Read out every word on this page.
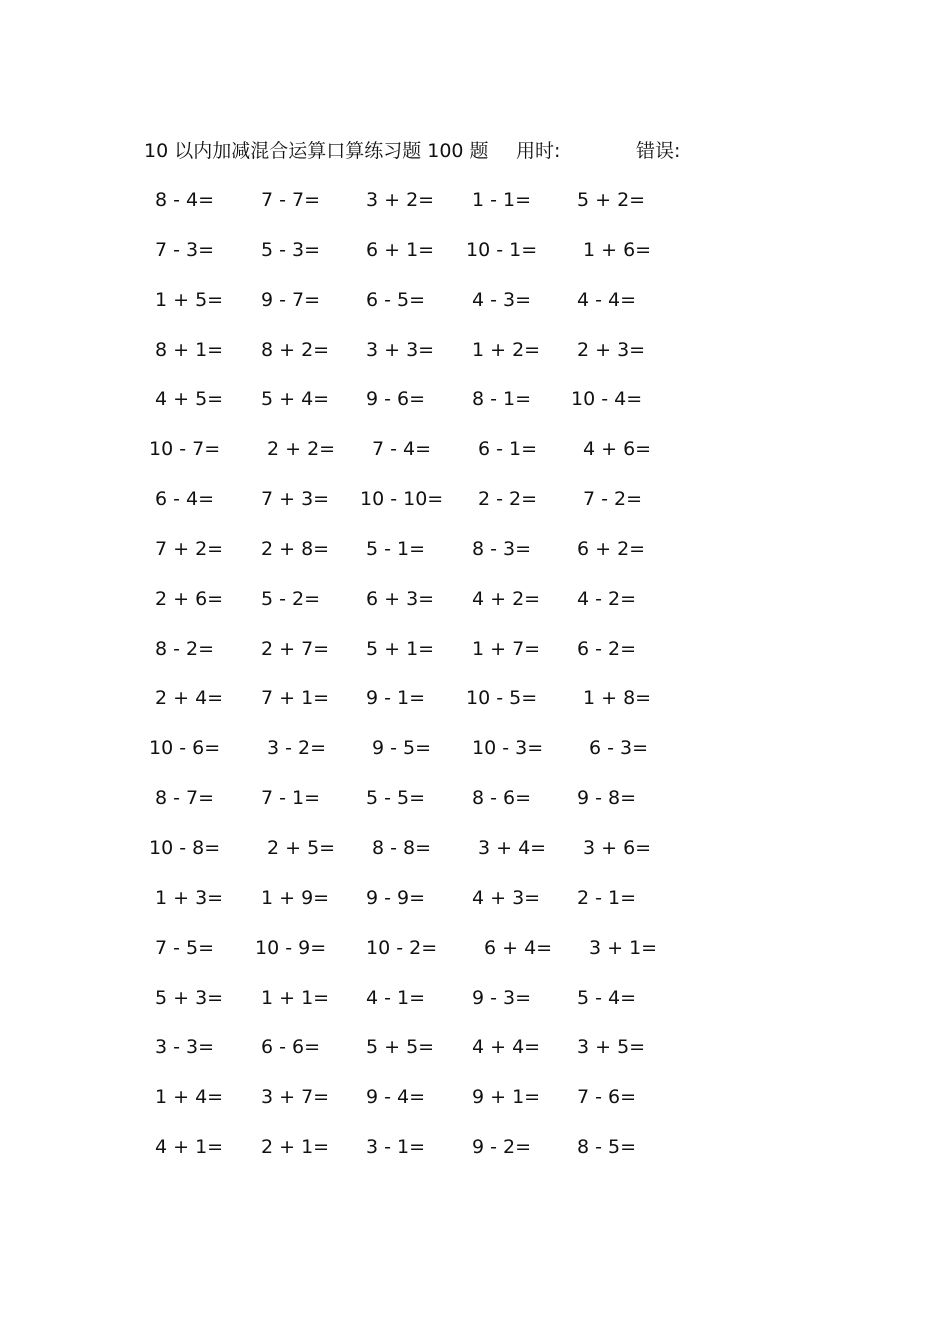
10 以内加减混合运算口算练习题 100 题 用时:	错误:
8 - 4= 7 - 7= 3 + 2= 1 - 1= 5 + 2=
7 - 3= 5 - 3= 6 + 1= 10 - 1= 1 + 6=
1 + 5= 9 - 7= 6 - 5= 4 - 3= 4 - 4=
8 + 1= 8 + 2= 3 + 3= 1 + 2= 2 + 3=
4 + 5= 5 + 4= 9 - 6= 8 - 1= 10 - 4=
10 - 7= 2 + 2= 7 - 4= 6 - 1= 4 + 6=
6 - 4= 7 + 3= 10 - 10= 2 - 2= 7 - 2=
7 + 2= 2 + 8= 5 - 1= 8 - 3= 6 + 2=
2 + 6= 5 - 2= 6 + 3= 4 + 2= 4 - 2=
8 - 2= 2 + 7= 5 + 1= 1 + 7= 6 - 2=
2 + 4= 7 + 1= 9 - 1= 10 - 5= 1 + 8=
10 - 6= 3 - 2= 9 - 5= 10 - 3= 6 - 3=
8 - 7= 7 - 1= 5 - 5= 8 - 6= 9 - 8=
10 - 8= 2 + 5= 8 - 8= 3 + 4= 3 + 6=
1 + 3= 1 + 9= 9 - 9= 4 + 3= 2 - 1=
7 - 5= 10 - 9= 10 - 2= 6 + 4= 3 + 1=
5 + 3= 1 + 1= 4 - 1= 9 - 3= 5 - 4=
3 - 3= 6 - 6= 5 + 5= 4 + 4= 3 + 5=
1 + 4= 3 + 7= 9 - 4= 9 + 1= 7 - 6=
4 + 1= 2 + 1= 3 - 1= 9 - 2= 8 - 5=
